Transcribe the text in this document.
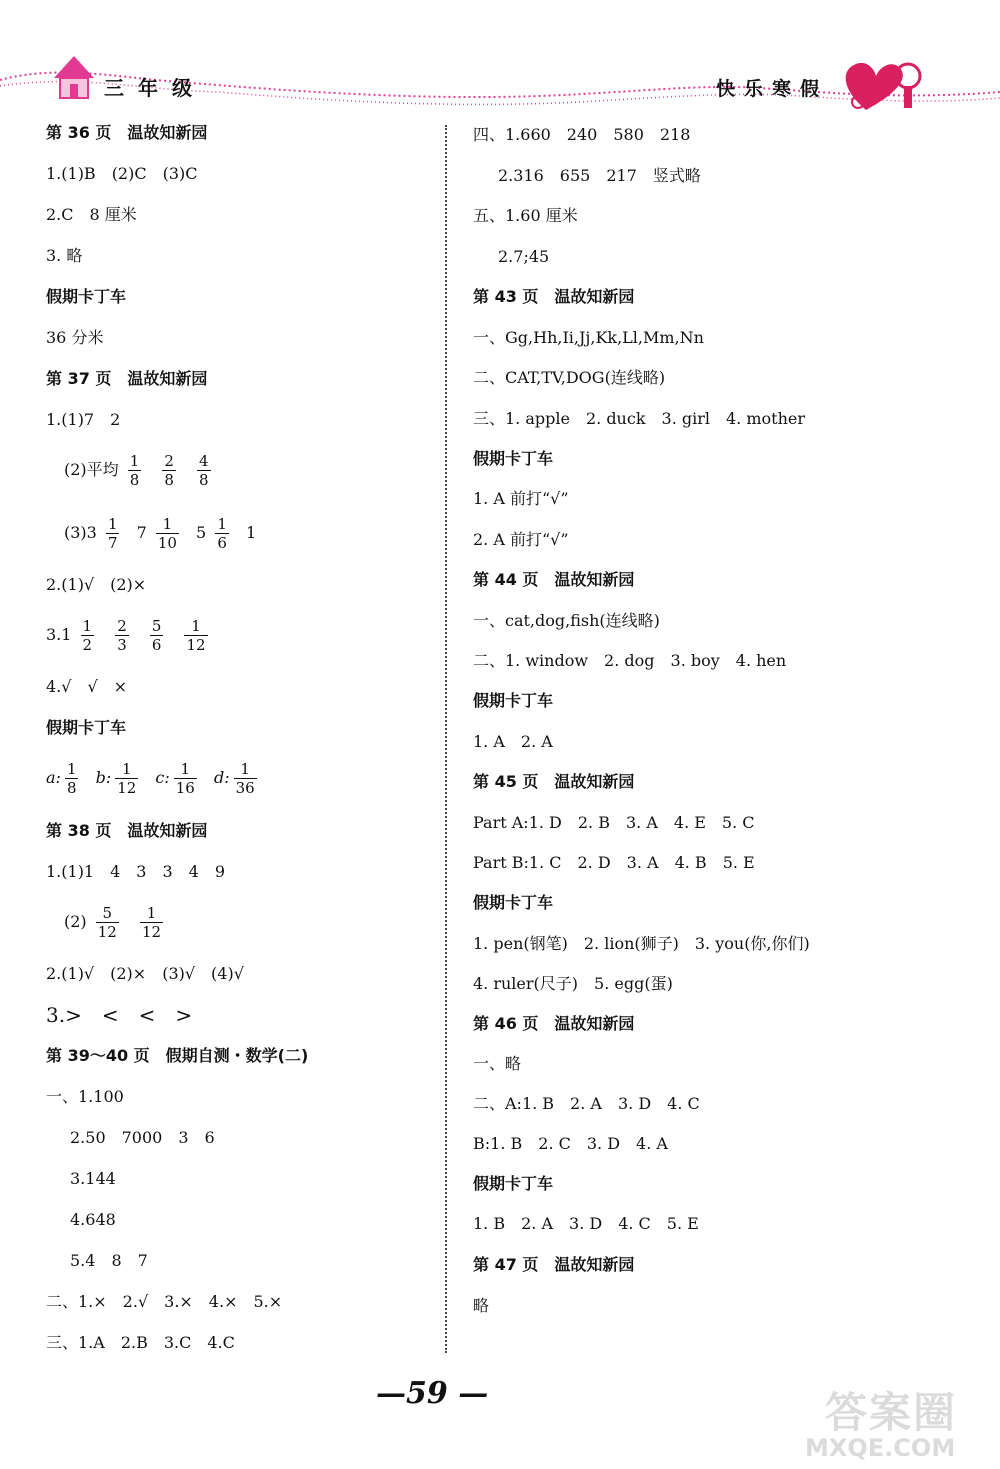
三年级	快乐寒假
第 36 页　温故知新园
1.(1)B　(2)C　(3)C
2.C　8 厘米
3. 略
假期卡丁车
36 分米
第 37 页　温故知新园
1.(1)7　2
(2)平均 $\frac{1}{8}$
$\frac{2}{8}$
$\frac{4}{8}$
$(3)3 \frac{1}{7} 7 \frac{1}{10} 5 \frac{1}{6} 1$
2.(1)√　(2)×
$3.1 \frac{1}{2}$
$\frac{2}{3}$
$\frac{5}{6}$
$\frac{1}{12}$
4.√　√　×
假期卡丁车
a: $\frac{1}{8} b$: $\frac{1}{12} c$: $\frac{1}{16} d$: $\frac{1}{36}$
第 38 页　温故知新园
1.(1)1　4　3　3　4　9
$(2) \frac{5}{12}$
$\frac{1}{12}$
2.(1)√　(2)×　(3)√　(4)√
3.>　<　<　>
第 39～40 页　假期自测・数学(二)
一、1.100
2.50　7000　3　6
3.144
4.648
5.4　8　7
二、1.×　2.√　3.×　4.×　5.×
三、1.A　2.B　3.C　4.C
四、1.660　240　580　218
2.316　655　217　竖式略
五、1.60 厘米
2.7;45
第 43 页　温故知新园
一、Gg,Hh,Ii,Jj,Kk,Ll,Mm,Nn
二、CAT,TV,DOG(连线略)
三、1. apple　2. duck　3. girl　4. mother
假期卡丁车
1. A 前打“√”
2. A 前打“√”
第 44 页　温故知新园
一、cat,dog,fish(连线略)
二、1. window　2. dog　3. boy　4. hen
假期卡丁车
1. A　2. A
第 45 页　温故知新园
Part A:1. D　2. B　3. A　4. E　5. C
Part B:1. C　2. D　3. A　4. B　5. E
假期卡丁车
1. pen(钢笔)　2. lion(狮子)　3. you(你,你们)
4. ruler(尺子)　5. egg(蛋)
第 46 页　温故知新园
一、略
二、A:1. B　2. A　3. D　4. C
B:1. B　2. C　3. D　4. A
假期卡丁车
1. B　2. A　3. D　4. C　5. E
第 47 页　温故知新园
略
—59 —	答案圈
MXQE.COM
